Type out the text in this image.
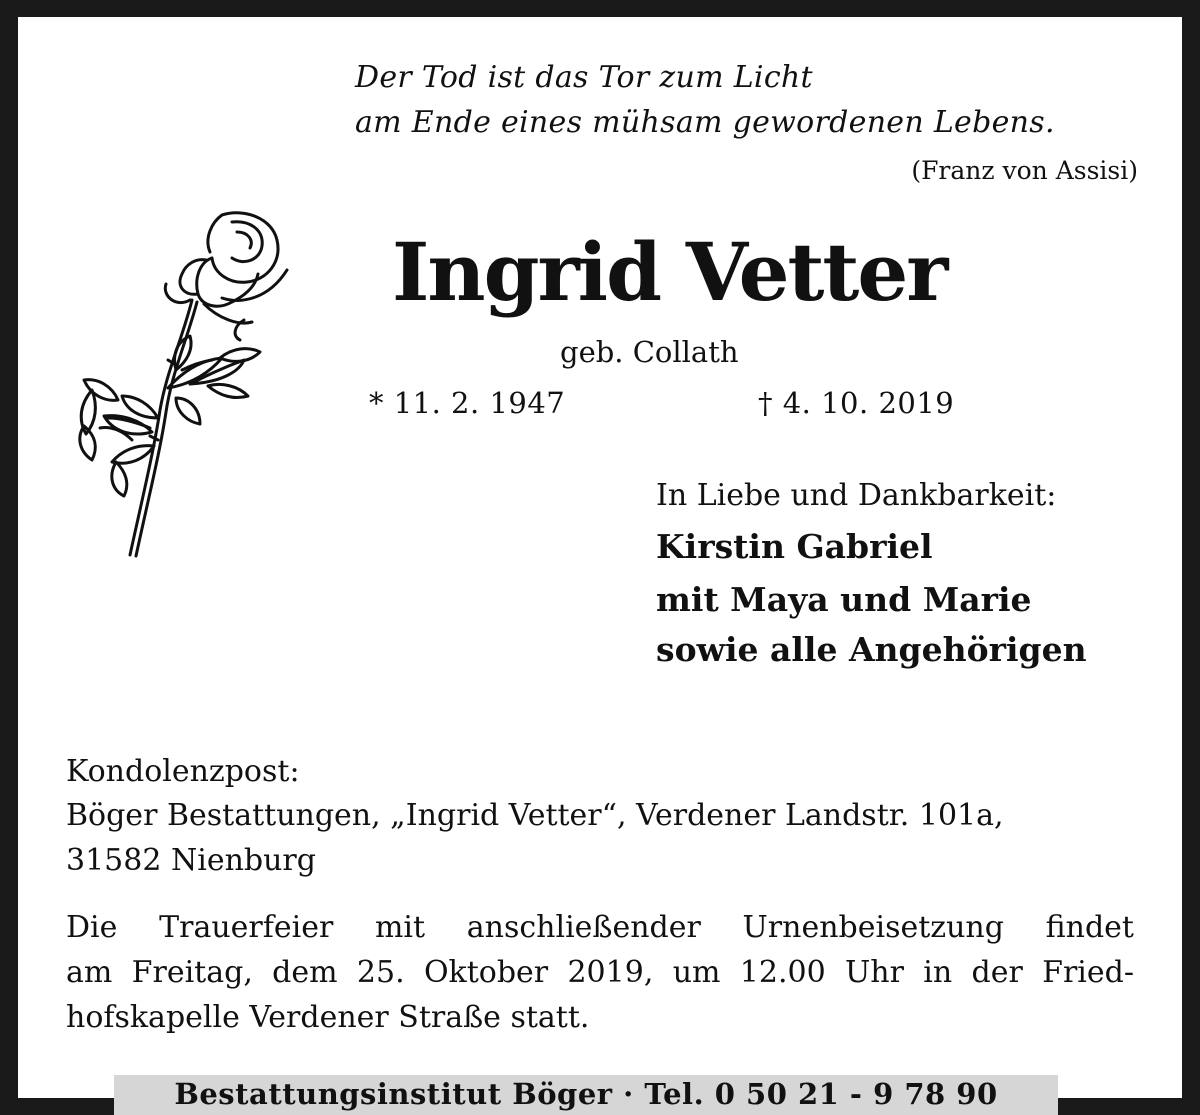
Der Tod ist das Tor zum Licht
am Ende eines mühsam gewordenen Lebens.
(Franz von Assisi)
Ingrid Vetter
geb. Collath
* 11. 2. 1947	† 4. 10. 2019
In Liebe und Dankbarkeit:
Kirstin Gabriel
mit Maya und Marie
sowie alle Angehörigen
Kondolenzpost:
Böger Bestattungen, „Ingrid Vetter“, Verdener Landstr. 101a,
31582 Nienburg
Die Trauerfeier mit anschließender Urnenbeisetzung findet
am Freitag, dem 25. Oktober 2019, um 12.00 Uhr in der Fried-
hofskapelle Verdener Straße statt.
Bestattungsinstitut Böger · Tel. 0 50 21 - 9 78 90
